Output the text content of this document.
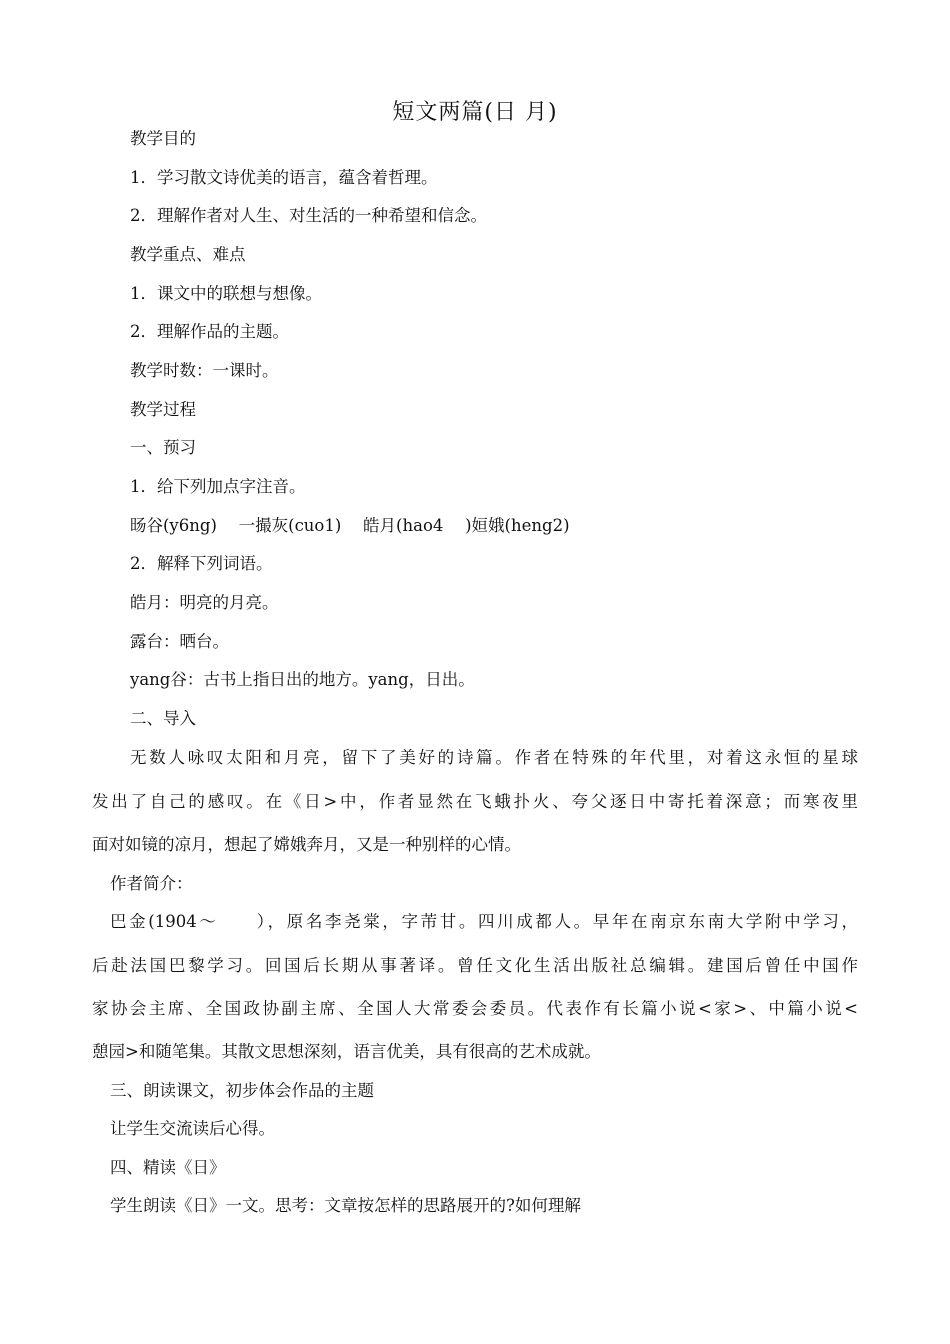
短文两篇(日 月)
教学目的
1．学习散文诗优美的语言，蕴含着哲理。
2．理解作者对人生、对生活的一种希望和信念。
教学重点、难点
1．课文中的联想与想像。
2．理解作品的主题。
教学时数：一课时。
教学过程
一、预习
1．给下列加点字注音。
旸谷(y6ng)　 一撮灰(cuo1)　 皓月(hao4　 )姮娥(heng2)
2．解释下列词语。
皓月：明亮的月亮。
露台：晒台。
yang谷：古书上指日出的地方。yang，日出。
二、导入
无数人咏叹太阳和月亮，留下了美好的诗篇。作者在特殊的年代里，对着这永恒的星球
发出了自己的感叹。在《日>中，作者显然在飞蛾扑火、夸父逐日中寄托着深意；而寒夜里
面对如镜的凉月，想起了嫦娥奔月，又是一种别样的心情。
作者简介：
巴金(1904～　　），原名李尧棠，字芾甘。四川成都人。早年在南京东南大学附中学习，
后赴法国巴黎学习。回国后长期从事著译。曾任文化生活出版社总编辑。建国后曾任中国作
家协会主席、全国政协副主席、全国人大常委会委员。代表作有长篇小说<家>、中篇小说<
憩园>和随笔集。其散文思想深刻，语言优美，具有很高的艺术成就。
三、朗读课文，初步体会作品的主题
让学生交流读后心得。
四、精读《日》
学生朗读《日》一文。思考：文章按怎样的思路展开的?如何理解
